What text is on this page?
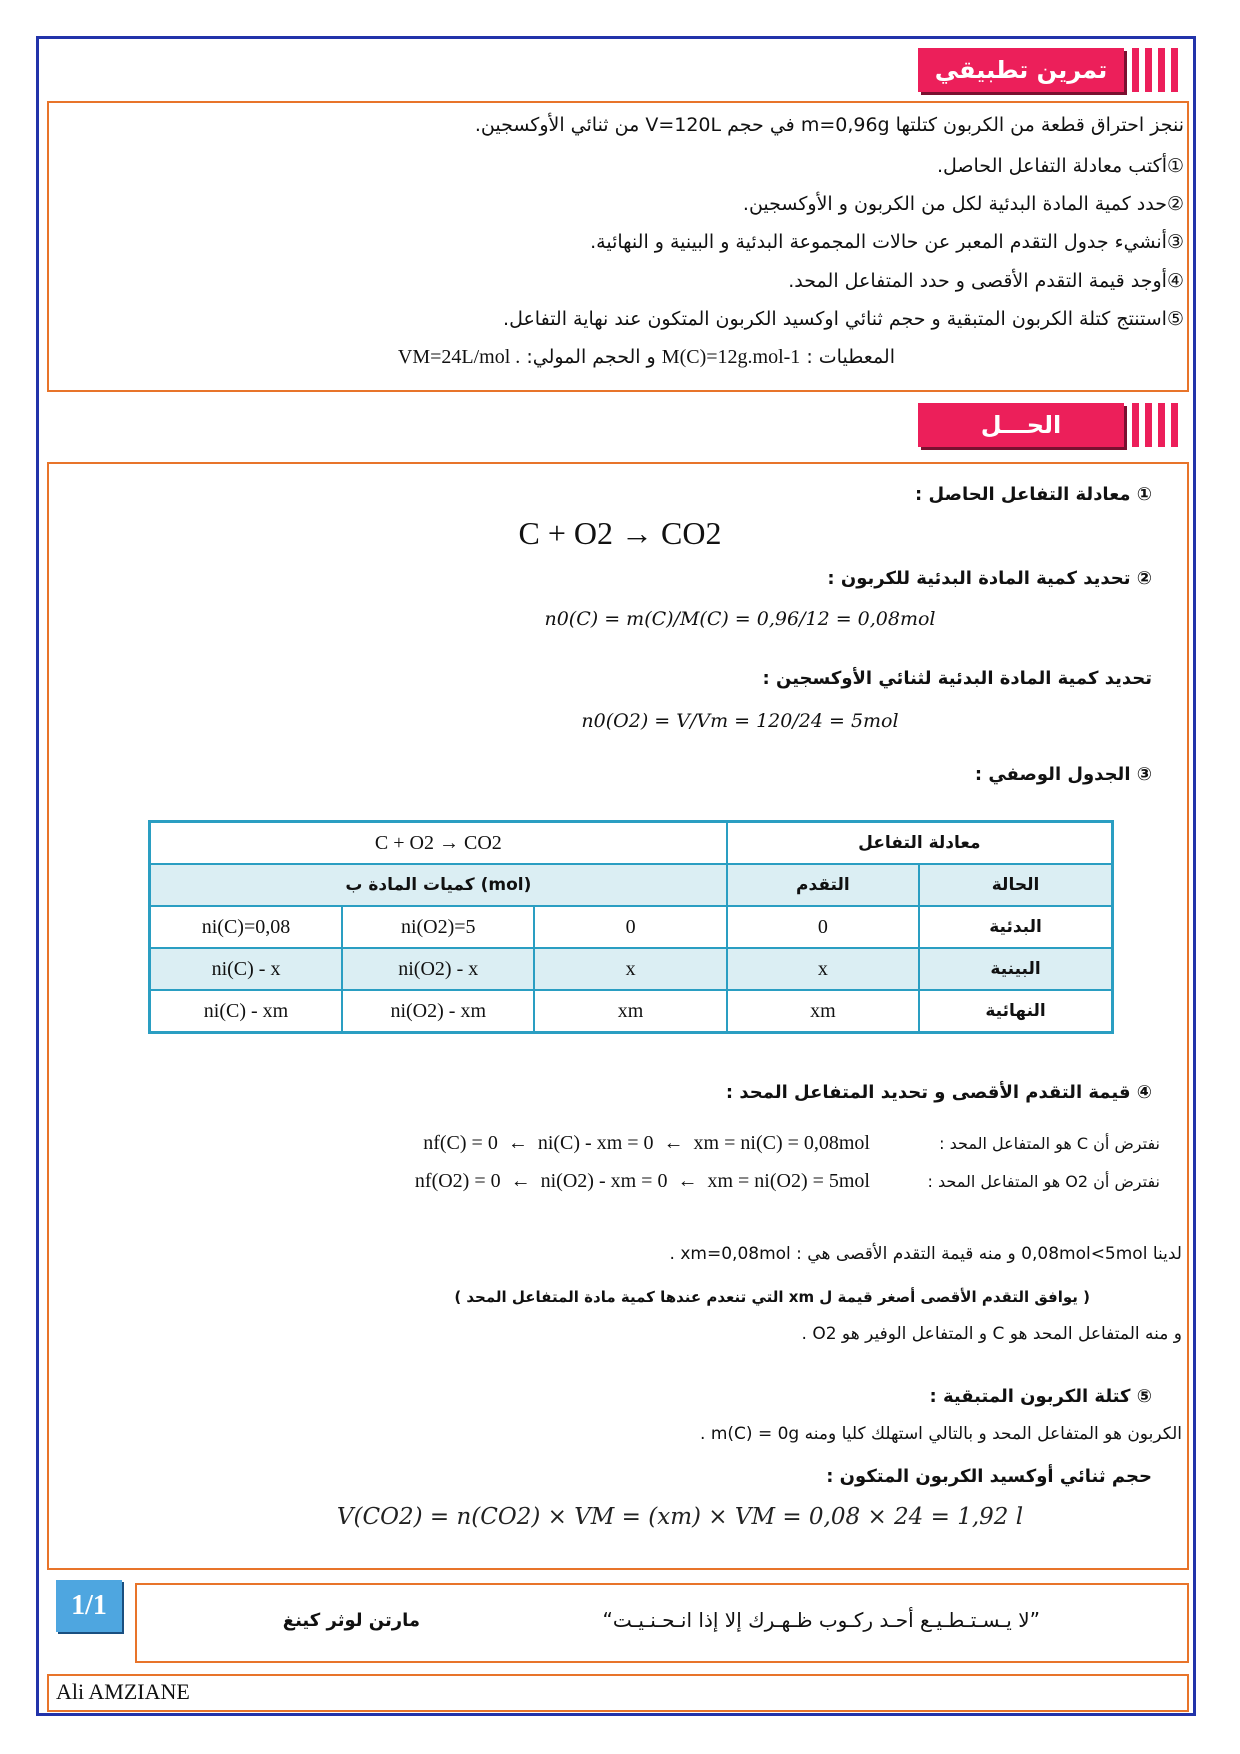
تمرين تطبيقي
ننجز احتراق قطعة من الكربون كتلتها m=0,96g في حجم V=120L من ثنائي الأوكسجين.
①أكتب معادلة التفاعل الحاصل.
②حدد كمية المادة البدئية لكل من الكربون و الأوكسجين.
③أنشيء جدول التقدم المعبر عن حالات المجموعة البدئية و البينية و النهائية.
④أوجد قيمة التقدم الأقصى و حدد المتفاعل المحد.
⑤استنتج كتلة الكربون المتبقية و حجم ثنائي اوكسيد الكربون المتكون عند نهاية التفاعل.
المعطيات : M(C)=12g.mol-1 و الحجم المولي: VM=24L/mol .
الحـــل
① معادلة التفاعل الحاصل :
C + O2 → CO2
② تحديد كمية المادة البدئية للكربون :
n0(C) = m(C)/M(C) = 0,96/12 = 0,08mol
تحديد كمية المادة البدئية لثنائي الأوكسجين :
n0(O2) = V/Vm = 120/24 = 5mol
③ الجدول الوصفي :
C + O2 → CO2			معادلة التفاعل	
كميات المادة ب (mol)			التقدم	الحالة
ni(C)=0,08	ni(O2)=5	0	0	البدئية
ni(C) - x	ni(O2) - x	x	x	البينية
ni(C) - xm	ni(O2) - xm	xm	xm	النهائية
④ قيمة التقدم الأقصى و تحديد المتفاعل المحد :
نفترض أن C هو المتفاعل المحد :
nf(C) = 0  ←  ni(C) - xm = 0  ←  xm = ni(C) = 0,08mol
نفترض أن O2 هو المتفاعل المحد :
nf(O2) = 0  ←  ni(O2) - xm = 0  ←  xm = ni(O2) = 5mol
لدينا 0,08mol<5mol و منه قيمة التقدم الأقصى هي : xm=0,08mol .
( يوافق التقدم الأقصى أصغر قيمة ل xm التي تنعدم عندها كمية مادة المتفاعل المحد )
و منه المتفاعل المحد هو C و المتفاعل الوفير هو O2 .
⑤ كتلة الكربون المتبقية :
الكربون هو المتفاعل المحد و بالتالي استهلك كليا ومنه m(C) = 0g .
حجم ثنائي أوكسيد الكربون المتكون :
V(CO2) = n(CO2) × VM = (xm) × VM = 0,08 × 24 = 1,92 l
1/1	”لا يـسـتـطـيـع أحـد ركـوب ظـهـرك إلا إذا انـحـنـيـت“
مارتن لوثر كينغ
Ali AMZIANE
